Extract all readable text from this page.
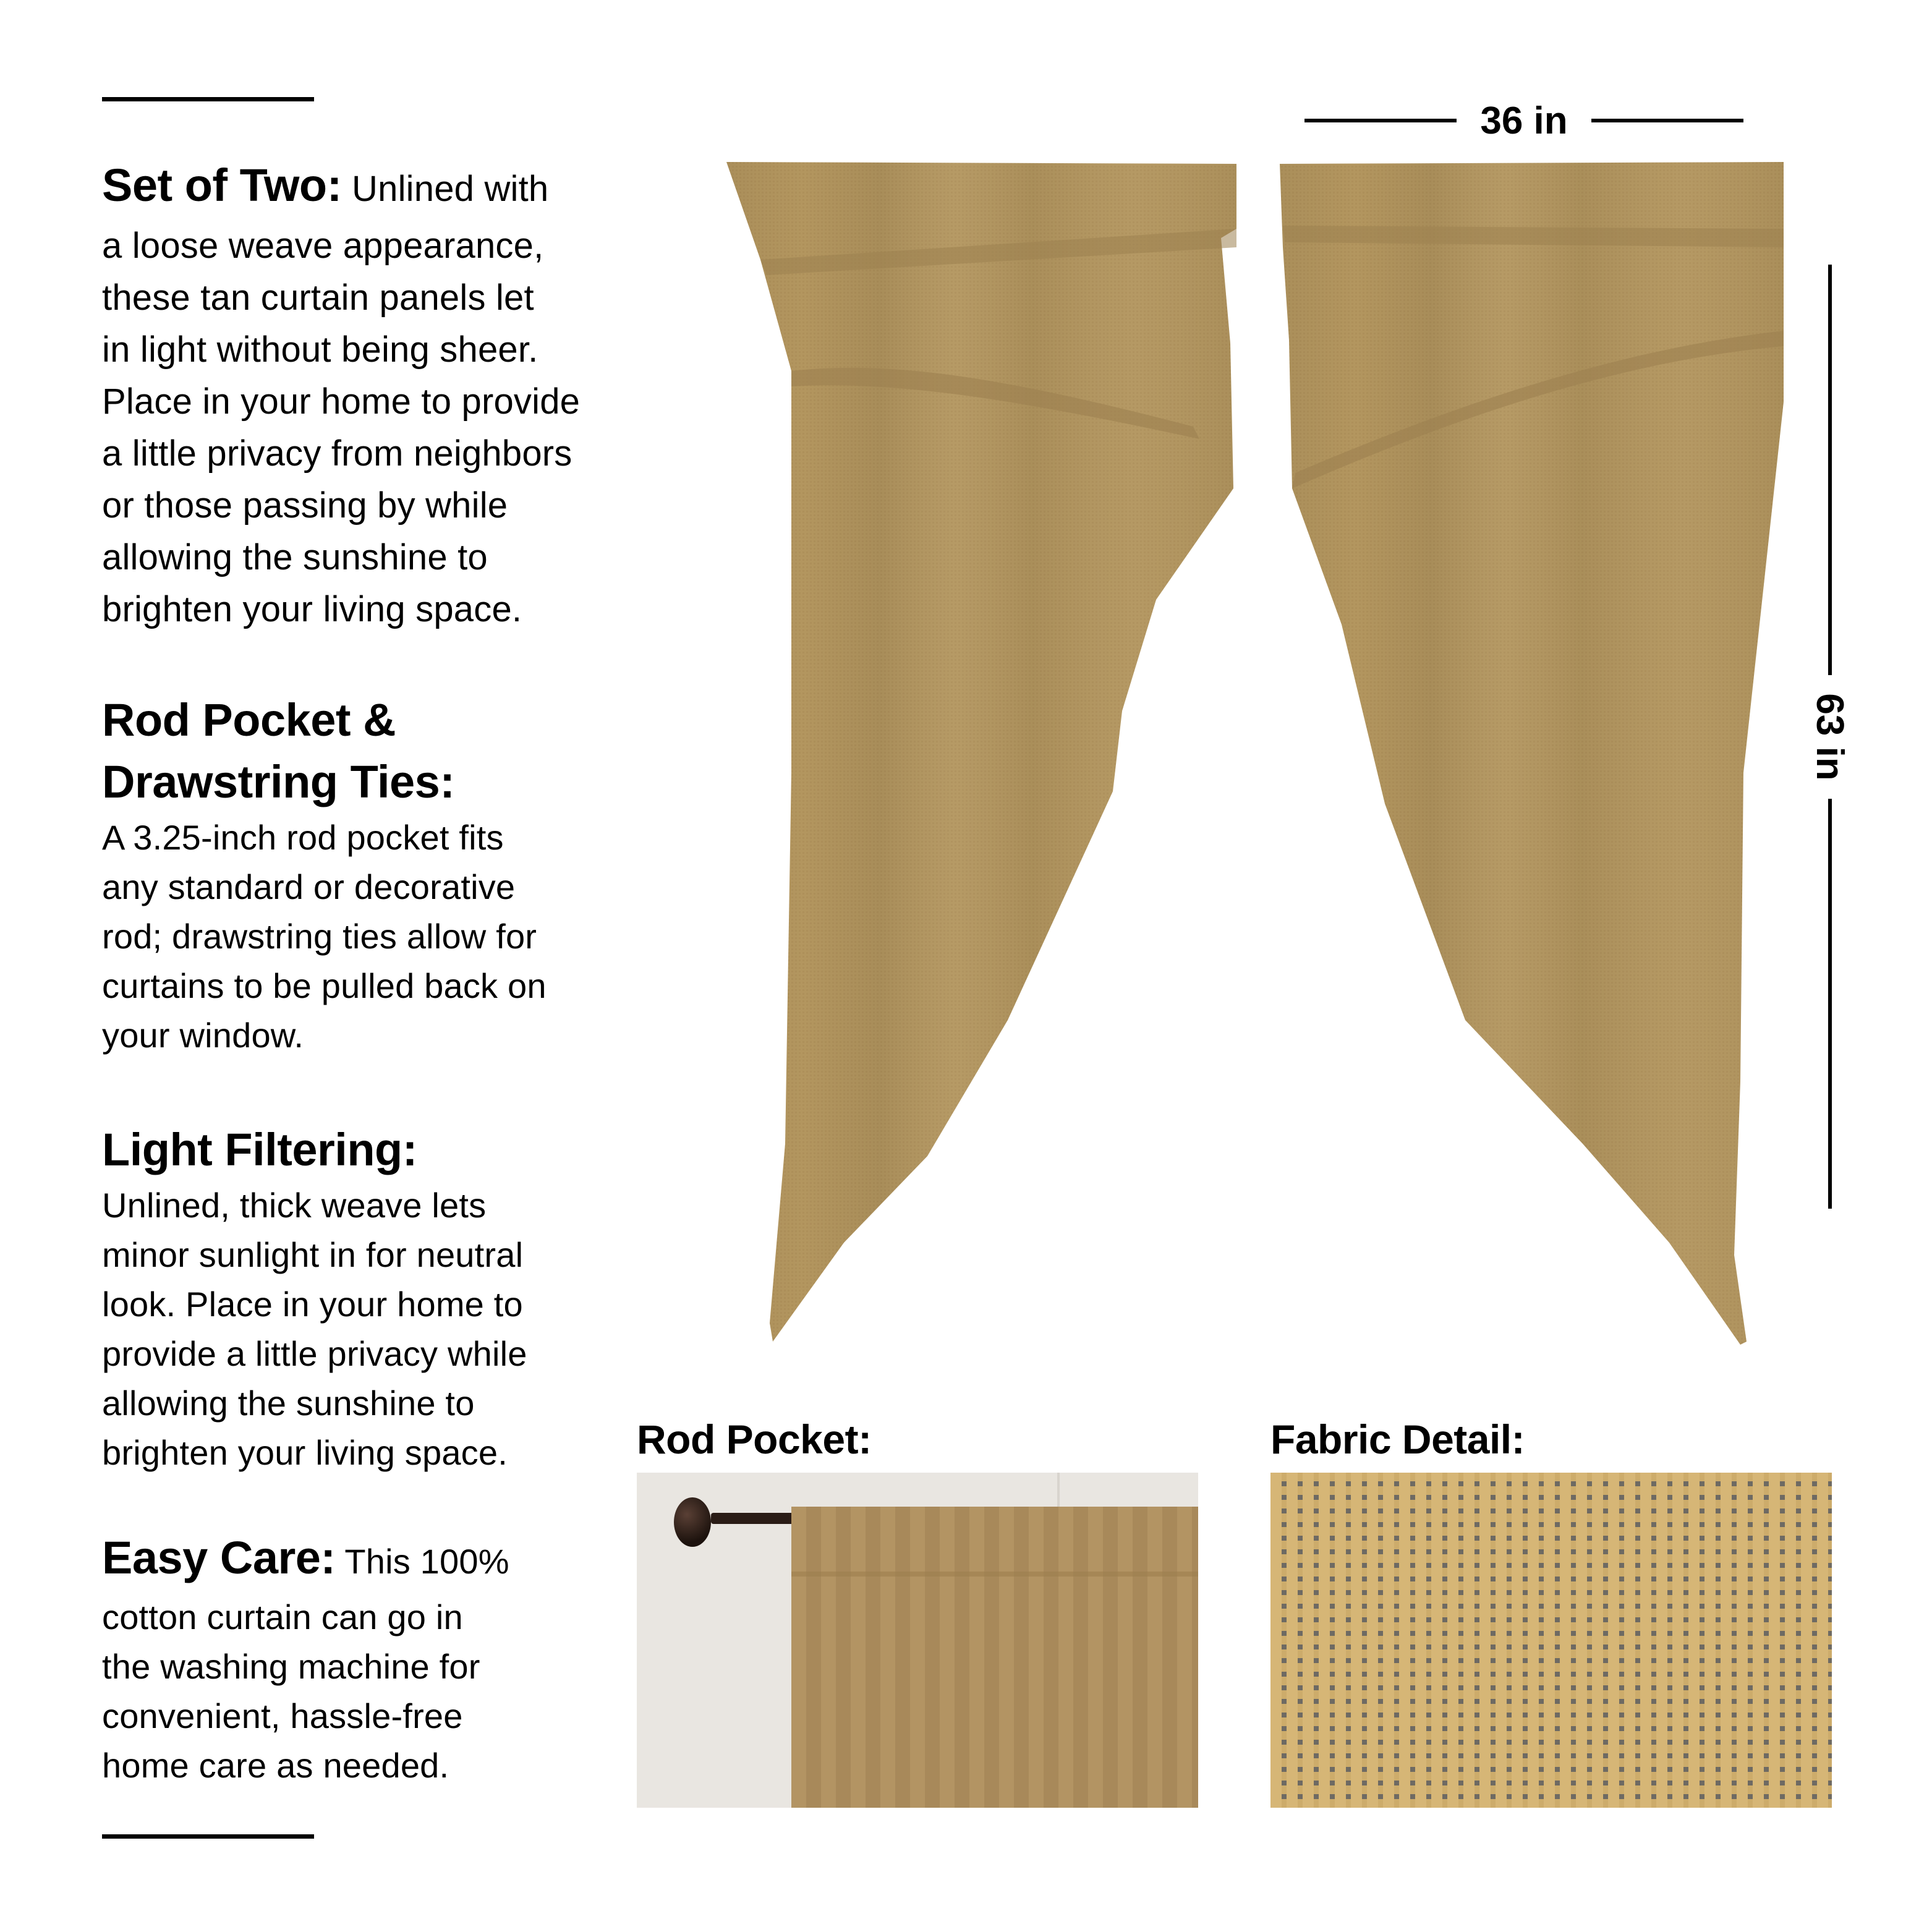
Set of Two: Unlined with

a loose weave appearance,

these tan curtain panels let

in light without being sheer.

Place in your home to provide

a little privacy from neighbors

or those passing by while

allowing the sunshine to

brighten your living space.

Rod Pocket &
Drawstring Ties:

A 3.25-inch rod pocket fits

any standard or decorative

rod; drawstring ties allow for

curtains to be pulled back on

your window.

Light Filtering:

Unlined, thick weave lets

minor sunlight in for neutral

look. Place in your home to

provide a little privacy while

allowing the sunshine to

brighten your living space.

Easy Care: This 100%

cotton curtain can go in

the washing machine for

convenient, hassle-free

home care as needed.

36 in
63 in
Rod Pocket:	Fabric Detail:
